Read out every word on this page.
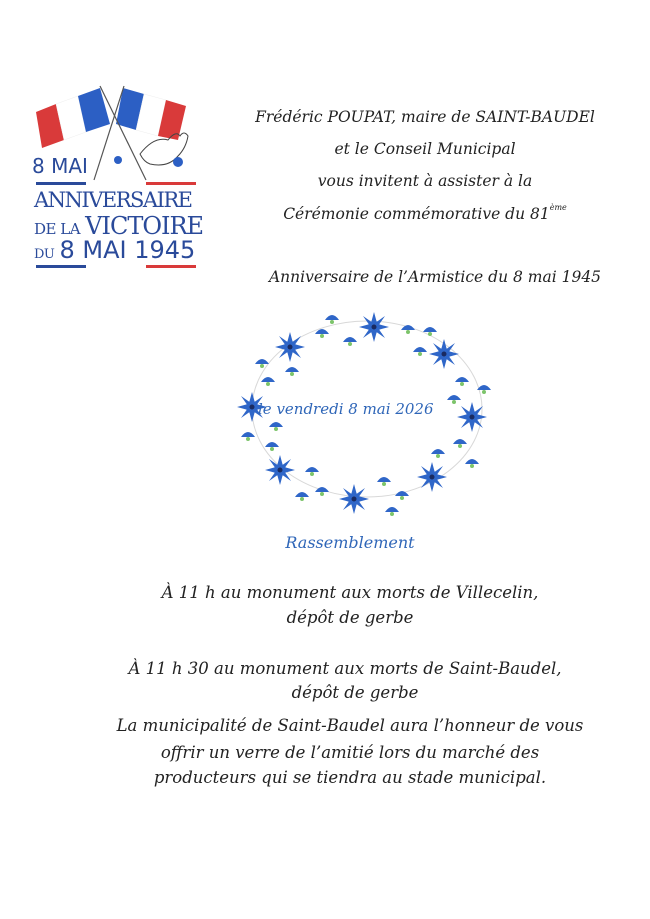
8 MAI
ANNIVERSAIRE
DE LA VICTOIRE
DU 8 MAI 1945
Frédéric POUPAT, maire de SAINT-BAUDEl
et le Conseil Municipal
vous invitent à assister à la
Cérémonie commémorative du 81ème
Anniversaire de l’Armistice du 8 mai 1945
le vendredi 8 mai 2026
Rassemblement
À 11 h au monument aux morts de Villecelin,
dépôt de gerbe
À 11 h 30 au monument aux morts de Saint-Baudel,
dépôt de gerbe
La municipalité de Saint-Baudel aura l’honneur de vous
offrir un verre de l’amitié lors du marché des
producteurs qui se tiendra au stade municipal.
